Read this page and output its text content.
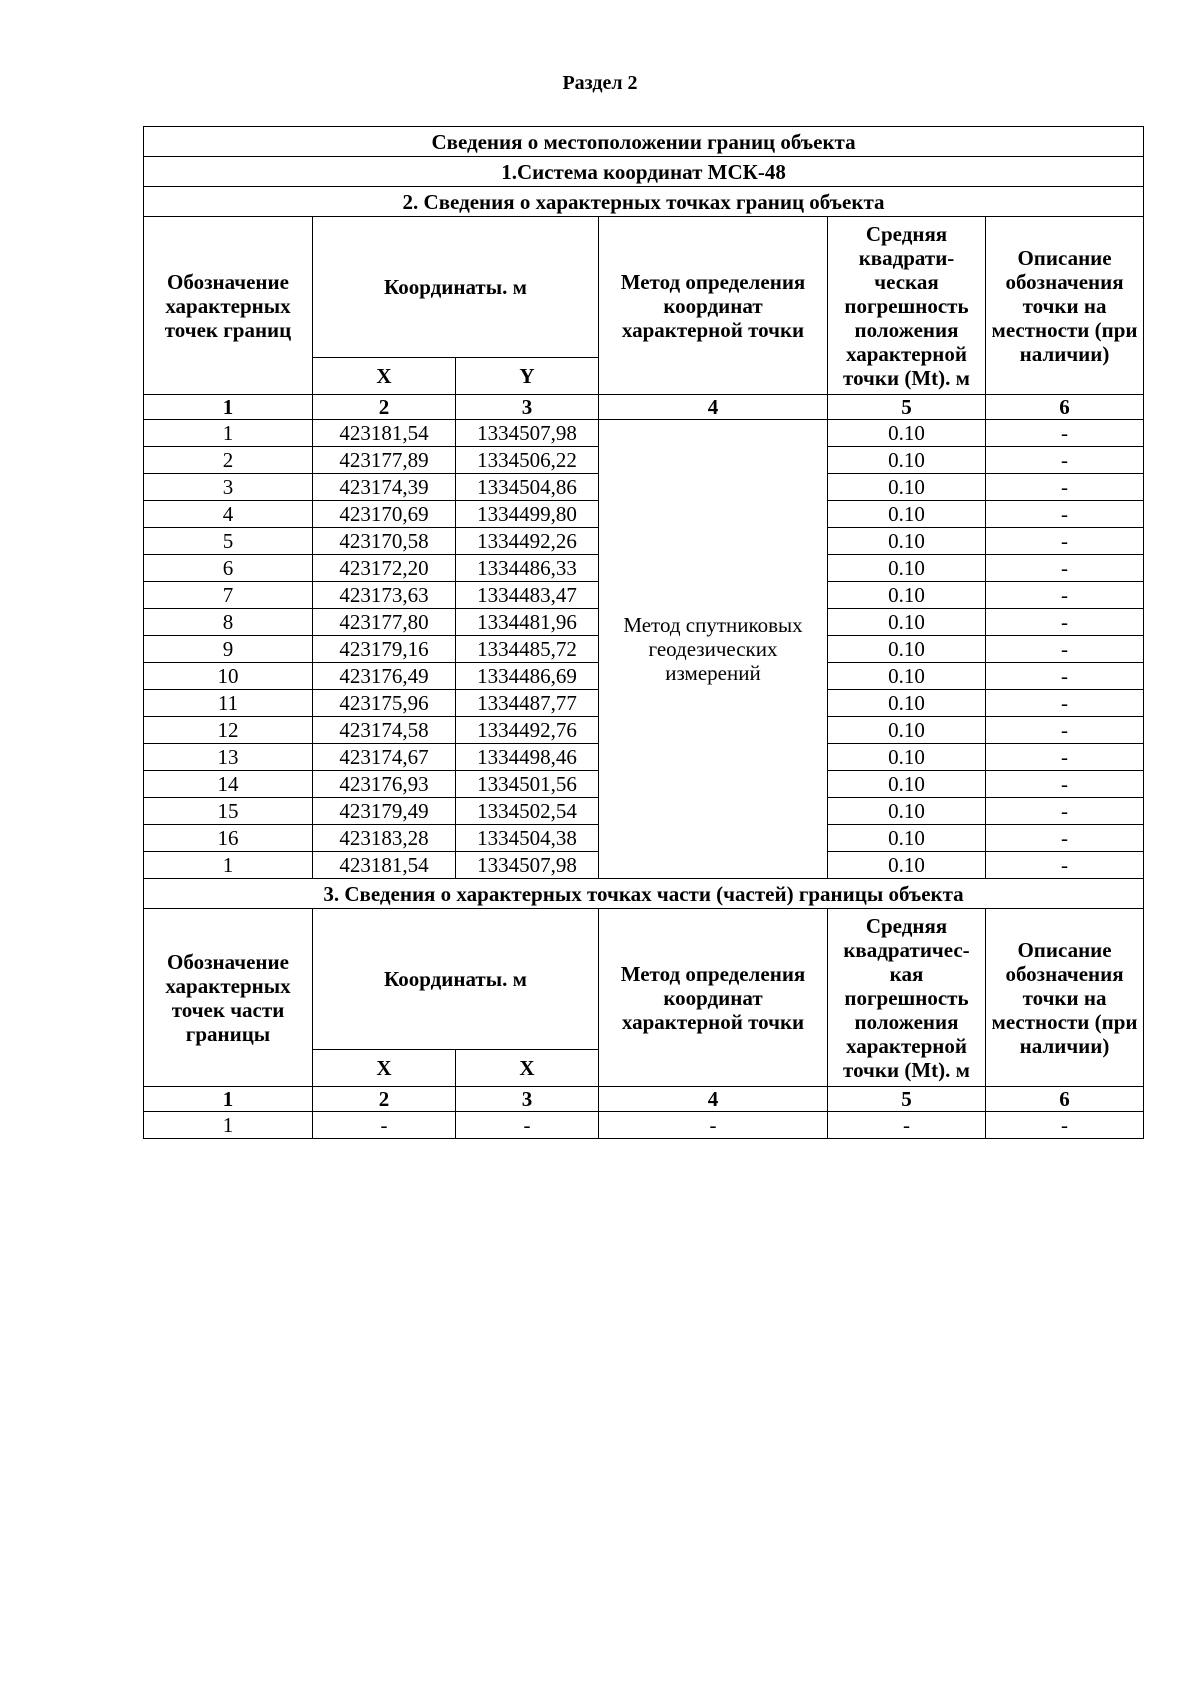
Раздел 2
Сведения о местоположении границ объекта					
1.Система координат МСК-48					
2. Сведения о характерных точках границ объекта					
Обозначение характерных точек границ	Координаты. м		Метод определения координат характерной точки	Средняя квадрати-ческая погрешность положения характерной точки (Mt). м	Описание обозначения точки на местности (при наличии)
	X	Y			
1	2	3	4	5	6
1	423181,54	1334507,98	Метод спутниковых геодезических измерений	0.10	-
2	423177,89	1334506,22		0.10	-
3	423174,39	1334504,86		0.10	-
4	423170,69	1334499,80		0.10	-
5	423170,58	1334492,26		0.10	-
6	423172,20	1334486,33		0.10	-
7	423173,63	1334483,47		0.10	-
8	423177,80	1334481,96		0.10	-
9	423179,16	1334485,72		0.10	-
10	423176,49	1334486,69		0.10	-
11	423175,96	1334487,77		0.10	-
12	423174,58	1334492,76		0.10	-
13	423174,67	1334498,46		0.10	-
14	423176,93	1334501,56		0.10	-
15	423179,49	1334502,54		0.10	-
16	423183,28	1334504,38		0.10	-
1	423181,54	1334507,98		0.10	-
3. Сведения о характерных точках части (частей) границы объекта					
Обозначение характерных точек части границы	Координаты. м		Метод определения координат характерной точки	Средняя квадратичес-кая погрешность положения характерной точки (Mt). м	Описание обозначения точки на местности (при наличии)
	X	X			
1	2	3	4	5	6
1	-	-	-	-	-
